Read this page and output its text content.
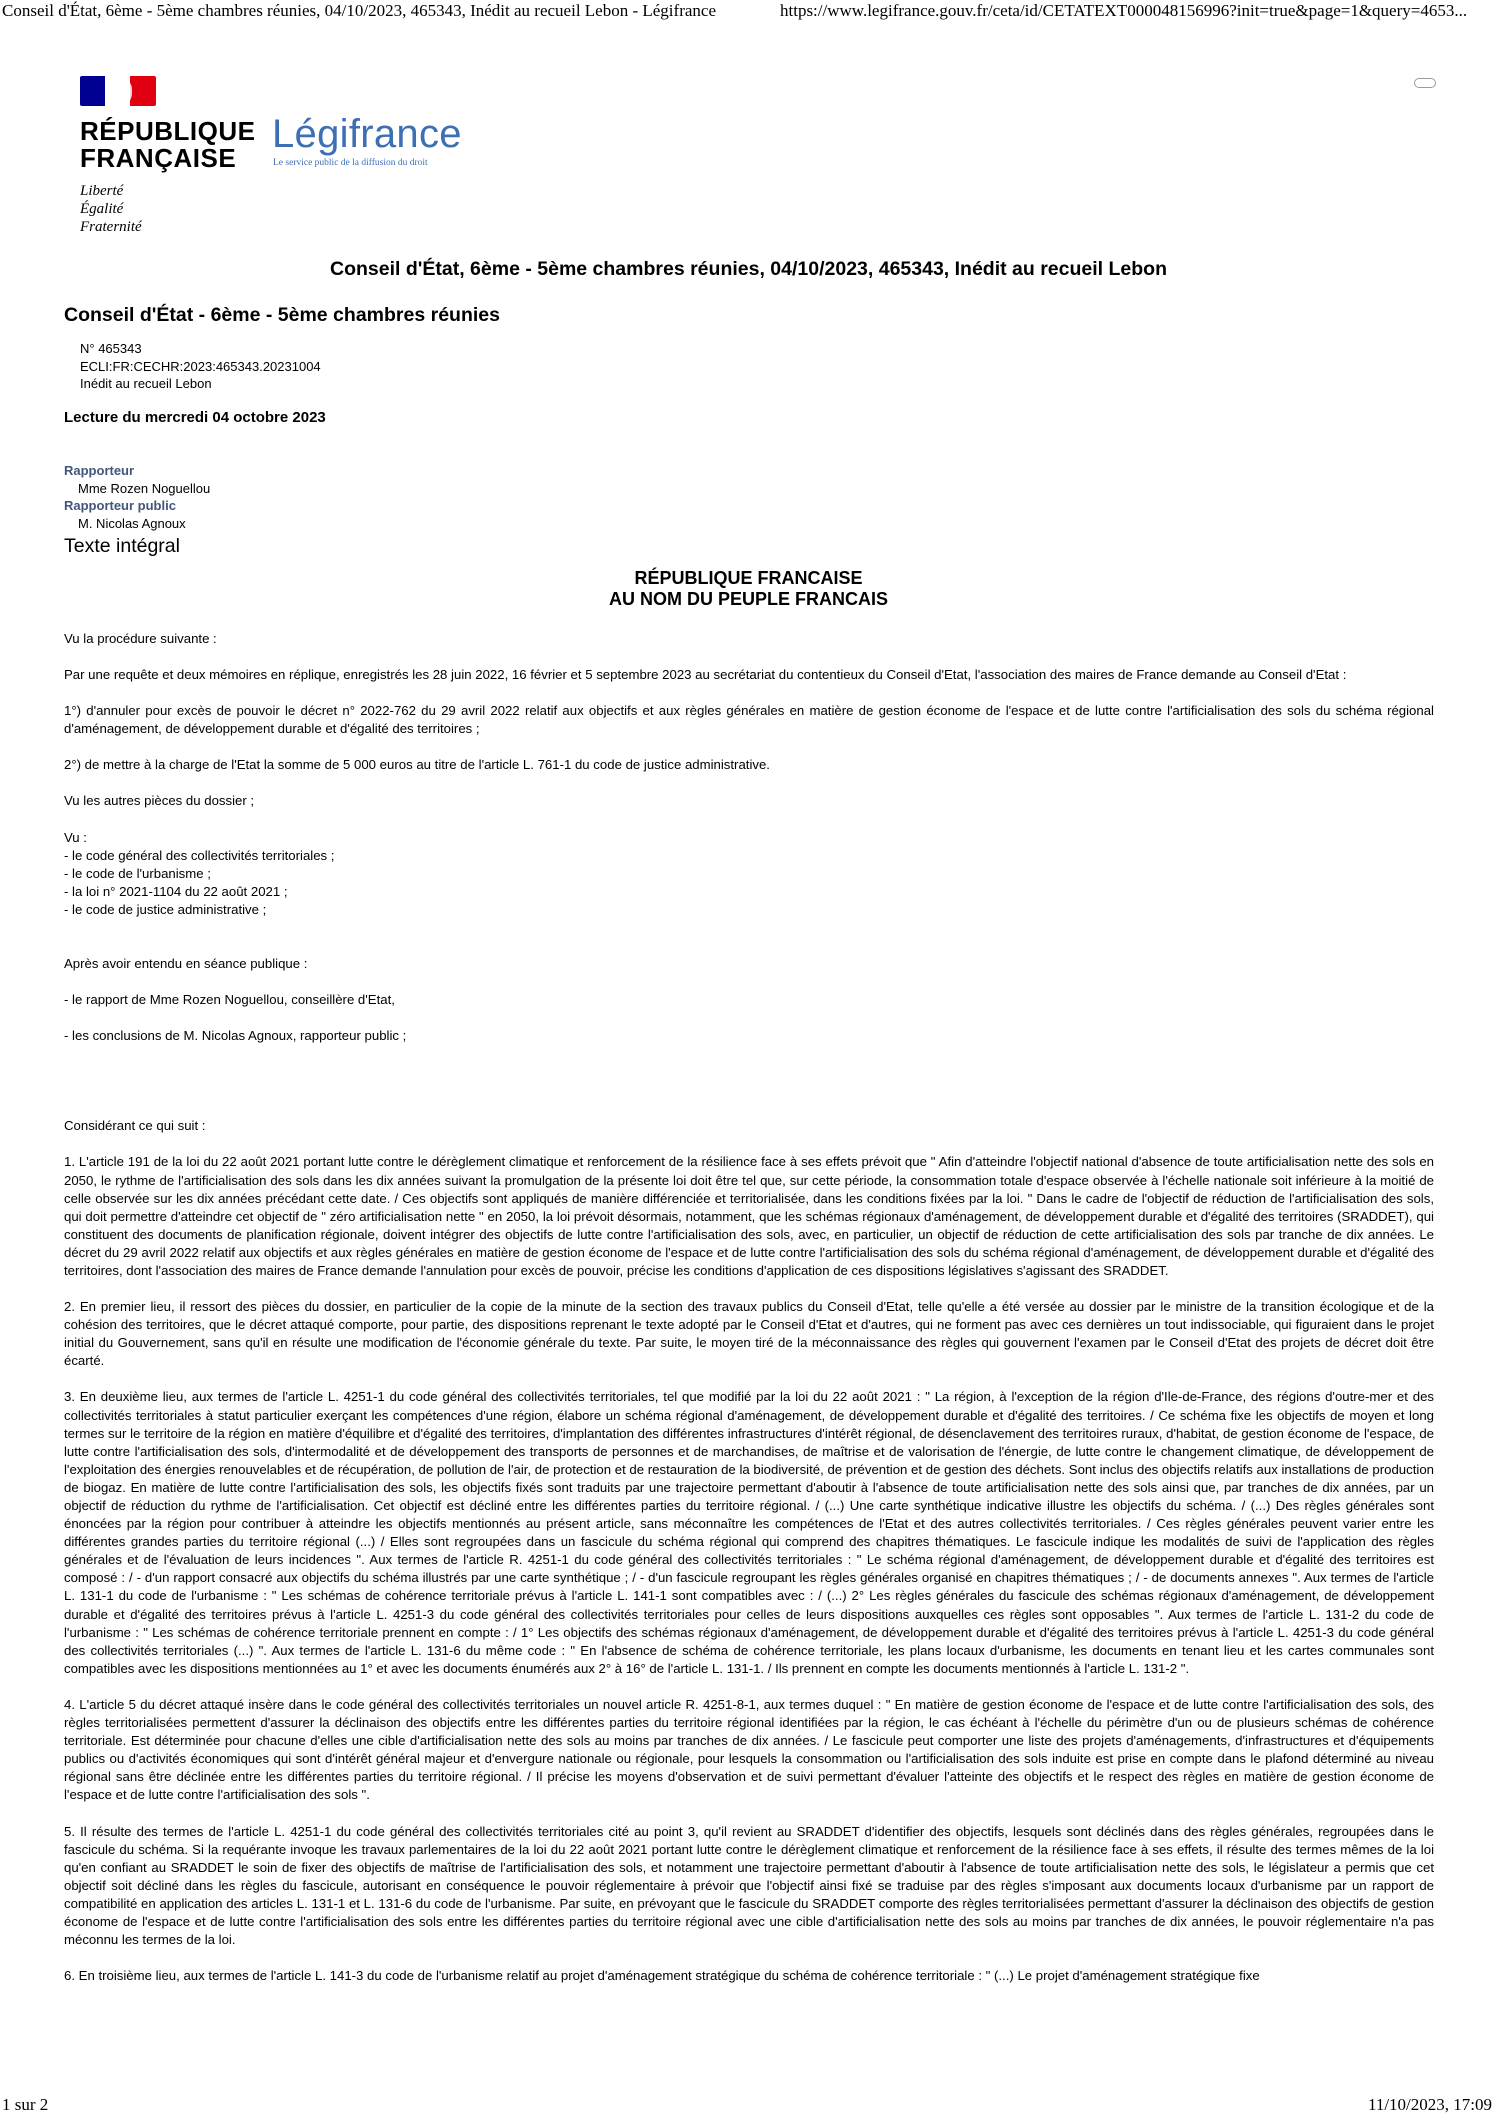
Conseil d'État, 6ème - 5ème chambres réunies, 04/10/2023, 465343, Inédit au recueil Lebon - Légifrance	https://www.legifrance.gouv.fr/ceta/id/CETATEXT000048156996?init=true&page=1&query=4653...
RÉPUBLIQUE
FRANÇAISE
Liberté
Égalité
Fraternité
Légifrance
Le service public de la diffusion du droit
Conseil d'État, 6ème - 5ème chambres réunies, 04/10/2023, 465343, Inédit au recueil Lebon
Conseil d'État - 6ème - 5ème chambres réunies
N° 465343
ECLI:FR:CECHR:2023:465343.20231004
Inédit au recueil Lebon
Lecture du mercredi 04 octobre 2023
Rapporteur
Mme Rozen Noguellou
Rapporteur public
M. Nicolas Agnoux
Texte intégral
RÉPUBLIQUE FRANCAISE
AU NOM DU PEUPLE FRANCAIS

Vu la procédure suivante :

Par une requête et deux mémoires en réplique, enregistrés les 28 juin 2022, 16 février et 5 septembre 2023 au secrétariat du contentieux du Conseil d'Etat, l'association des maires de France demande au Conseil d'Etat :

1°) d'annuler pour excès de pouvoir le décret n° 2022-762 du 29 avril 2022 relatif aux objectifs et aux règles générales en matière de gestion économe de l'espace et de lutte contre l'artificialisation des sols du schéma régional d'aménagement, de développement durable et d'égalité des territoires ;

2°) de mettre à la charge de l'Etat la somme de 5 000 euros au titre de l'article L. 761-1 du code de justice administrative.

Vu les autres pièces du dossier ;

Vu :
- le code général des collectivités territoriales ;
- le code de l'urbanisme ;
- la loi n° 2021-1104 du 22 août 2021 ;
- le code de justice administrative ;

Après avoir entendu en séance publique :

- le rapport de Mme Rozen Noguellou, conseillère d'Etat,

- les conclusions de M. Nicolas Agnoux, rapporteur public ;

Considérant ce qui suit :

1. L'article 191 de la loi du 22 août 2021 portant lutte contre le dérèglement climatique et renforcement de la résilience face à ses effets prévoit que " Afin d'atteindre l'objectif national d'absence de toute artificialisation nette des sols en 2050, le rythme de l'artificialisation des sols dans les dix années suivant la promulgation de la présente loi doit être tel que, sur cette période, la consommation totale d'espace observée à l'échelle nationale soit inférieure à la moitié de celle observée sur les dix années précédant cette date. / Ces objectifs sont appliqués de manière différenciée et territorialisée, dans les conditions fixées par la loi. " Dans le cadre de l'objectif de réduction de l'artificialisation des sols, qui doit permettre d'atteindre cet objectif de " zéro artificialisation nette " en 2050, la loi prévoit désormais, notamment, que les schémas régionaux d'aménagement, de développement durable et d'égalité des territoires (SRADDET), qui constituent des documents de planification régionale, doivent intégrer des objectifs de lutte contre l'artificialisation des sols, avec, en particulier, un objectif de réduction de cette artificialisation des sols par tranche de dix années. Le décret du 29 avril 2022 relatif aux objectifs et aux règles générales en matière de gestion économe de l'espace et de lutte contre l'artificialisation des sols du schéma régional d'aménagement, de développement durable et d'égalité des territoires, dont l'association des maires de France demande l'annulation pour excès de pouvoir, précise les conditions d'application de ces dispositions législatives s'agissant des SRADDET.

2. En premier lieu, il ressort des pièces du dossier, en particulier de la copie de la minute de la section des travaux publics du Conseil d'Etat, telle qu'elle a été versée au dossier par le ministre de la transition écologique et de la cohésion des territoires, que le décret attaqué comporte, pour partie, des dispositions reprenant le texte adopté par le Conseil d'Etat et d'autres, qui ne forment pas avec ces dernières un tout indissociable, qui figuraient dans le projet initial du Gouvernement, sans qu'il en résulte une modification de l'économie générale du texte. Par suite, le moyen tiré de la méconnaissance des règles qui gouvernent l'examen par le Conseil d'Etat des projets de décret doit être écarté.

3. En deuxième lieu, aux termes de l'article L. 4251-1 du code général des collectivités territoriales, tel que modifié par la loi du 22 août 2021 : " La région, à l'exception de la région d'Ile-de-France, des régions d'outre-mer et des collectivités territoriales à statut particulier exerçant les compétences d'une région, élabore un schéma régional d'aménagement, de développement durable et d'égalité des territoires. / Ce schéma fixe les objectifs de moyen et long termes sur le territoire de la région en matière d'équilibre et d'égalité des territoires, d'implantation des différentes infrastructures d'intérêt régional, de désenclavement des territoires ruraux, d'habitat, de gestion économe de l'espace, de lutte contre l'artificialisation des sols, d'intermodalité et de développement des transports de personnes et de marchandises, de maîtrise et de valorisation de l'énergie, de lutte contre le changement climatique, de développement de l'exploitation des énergies renouvelables et de récupération, de pollution de l'air, de protection et de restauration de la biodiversité, de prévention et de gestion des déchets. Sont inclus des objectifs relatifs aux installations de production de biogaz. En matière de lutte contre l'artificialisation des sols, les objectifs fixés sont traduits par une trajectoire permettant d'aboutir à l'absence de toute artificialisation nette des sols ainsi que, par tranches de dix années, par un objectif de réduction du rythme de l'artificialisation. Cet objectif est décliné entre les différentes parties du territoire régional. / (...) Une carte synthétique indicative illustre les objectifs du schéma. / (...) Des règles générales sont énoncées par la région pour contribuer à atteindre les objectifs mentionnés au présent article, sans méconnaître les compétences de l'Etat et des autres collectivités territoriales. / Ces règles générales peuvent varier entre les différentes grandes parties du territoire régional (...) / Elles sont regroupées dans un fascicule du schéma régional qui comprend des chapitres thématiques. Le fascicule indique les modalités de suivi de l'application des règles générales et de l'évaluation de leurs incidences ". Aux termes de l'article R. 4251-1 du code général des collectivités territoriales : " Le schéma régional d'aménagement, de développement durable et d'égalité des territoires est composé : / - d'un rapport consacré aux objectifs du schéma illustrés par une carte synthétique ; / - d'un fascicule regroupant les règles générales organisé en chapitres thématiques ; / - de documents annexes ". Aux termes de l'article L. 131-1 du code de l'urbanisme : " Les schémas de cohérence territoriale prévus à l'article L. 141-1 sont compatibles avec : / (...) 2° Les règles générales du fascicule des schémas régionaux d'aménagement, de développement durable et d'égalité des territoires prévus à l'article L. 4251-3 du code général des collectivités territoriales pour celles de leurs dispositions auxquelles ces règles sont opposables ". Aux termes de l'article L. 131-2 du code de l'urbanisme : " Les schémas de cohérence territoriale prennent en compte : / 1° Les objectifs des schémas régionaux d'aménagement, de développement durable et d'égalité des territoires prévus à l'article L. 4251-3 du code général des collectivités territoriales (...) ". Aux termes de l'article L. 131-6 du même code : " En l'absence de schéma de cohérence territoriale, les plans locaux d'urbanisme, les documents en tenant lieu et les cartes communales sont compatibles avec les dispositions mentionnées au 1° et avec les documents énumérés aux 2° à 16° de l'article L. 131-1. / Ils prennent en compte les documents mentionnés à l'article L. 131-2 ".

4. L'article 5 du décret attaqué insère dans le code général des collectivités territoriales un nouvel article R. 4251-8-1, aux termes duquel : " En matière de gestion économe de l'espace et de lutte contre l'artificialisation des sols, des règles territorialisées permettent d'assurer la déclinaison des objectifs entre les différentes parties du territoire régional identifiées par la région, le cas échéant à l'échelle du périmètre d'un ou de plusieurs schémas de cohérence territoriale. Est déterminée pour chacune d'elles une cible d'artificialisation nette des sols au moins par tranches de dix années. / Le fascicule peut comporter une liste des projets d'aménagements, d'infrastructures et d'équipements publics ou d'activités économiques qui sont d'intérêt général majeur et d'envergure nationale ou régionale, pour lesquels la consommation ou l'artificialisation des sols induite est prise en compte dans le plafond déterminé au niveau régional sans être déclinée entre les différentes parties du territoire régional. / Il précise les moyens d'observation et de suivi permettant d'évaluer l'atteinte des objectifs et le respect des règles en matière de gestion économe de l'espace et de lutte contre l'artificialisation des sols ".

5. Il résulte des termes de l'article L. 4251-1 du code général des collectivités territoriales cité au point 3, qu'il revient au SRADDET d'identifier des objectifs, lesquels sont déclinés dans des règles générales, regroupées dans le fascicule du schéma. Si la requérante invoque les travaux parlementaires de la loi du 22 août 2021 portant lutte contre le dérèglement climatique et renforcement de la résilience face à ses effets, il résulte des termes mêmes de la loi qu'en confiant au SRADDET le soin de fixer des objectifs de maîtrise de l'artificialisation des sols, et notamment une trajectoire permettant d'aboutir à l'absence de toute artificialisation nette des sols, le législateur a permis que cet objectif soit décliné dans les règles du fascicule, autorisant en conséquence le pouvoir réglementaire à prévoir que l'objectif ainsi fixé se traduise par des règles s'imposant aux documents locaux d'urbanisme par un rapport de compatibilité en application des articles L. 131-1 et L. 131-6 du code de l'urbanisme. Par suite, en prévoyant que le fascicule du SRADDET comporte des règles territorialisées permettant d'assurer la déclinaison des objectifs de gestion économe de l'espace et de lutte contre l'artificialisation des sols entre les différentes parties du territoire régional avec une cible d'artificialisation nette des sols au moins par tranches de dix années, le pouvoir réglementaire n'a pas méconnu les termes de la loi.

6. En troisième lieu, aux termes de l'article L. 141-3 du code de l'urbanisme relatif au projet d'aménagement stratégique du schéma de cohérence territoriale : " (...) Le projet d'aménagement stratégique fixe

1 sur 2	11/10/2023, 17:09
